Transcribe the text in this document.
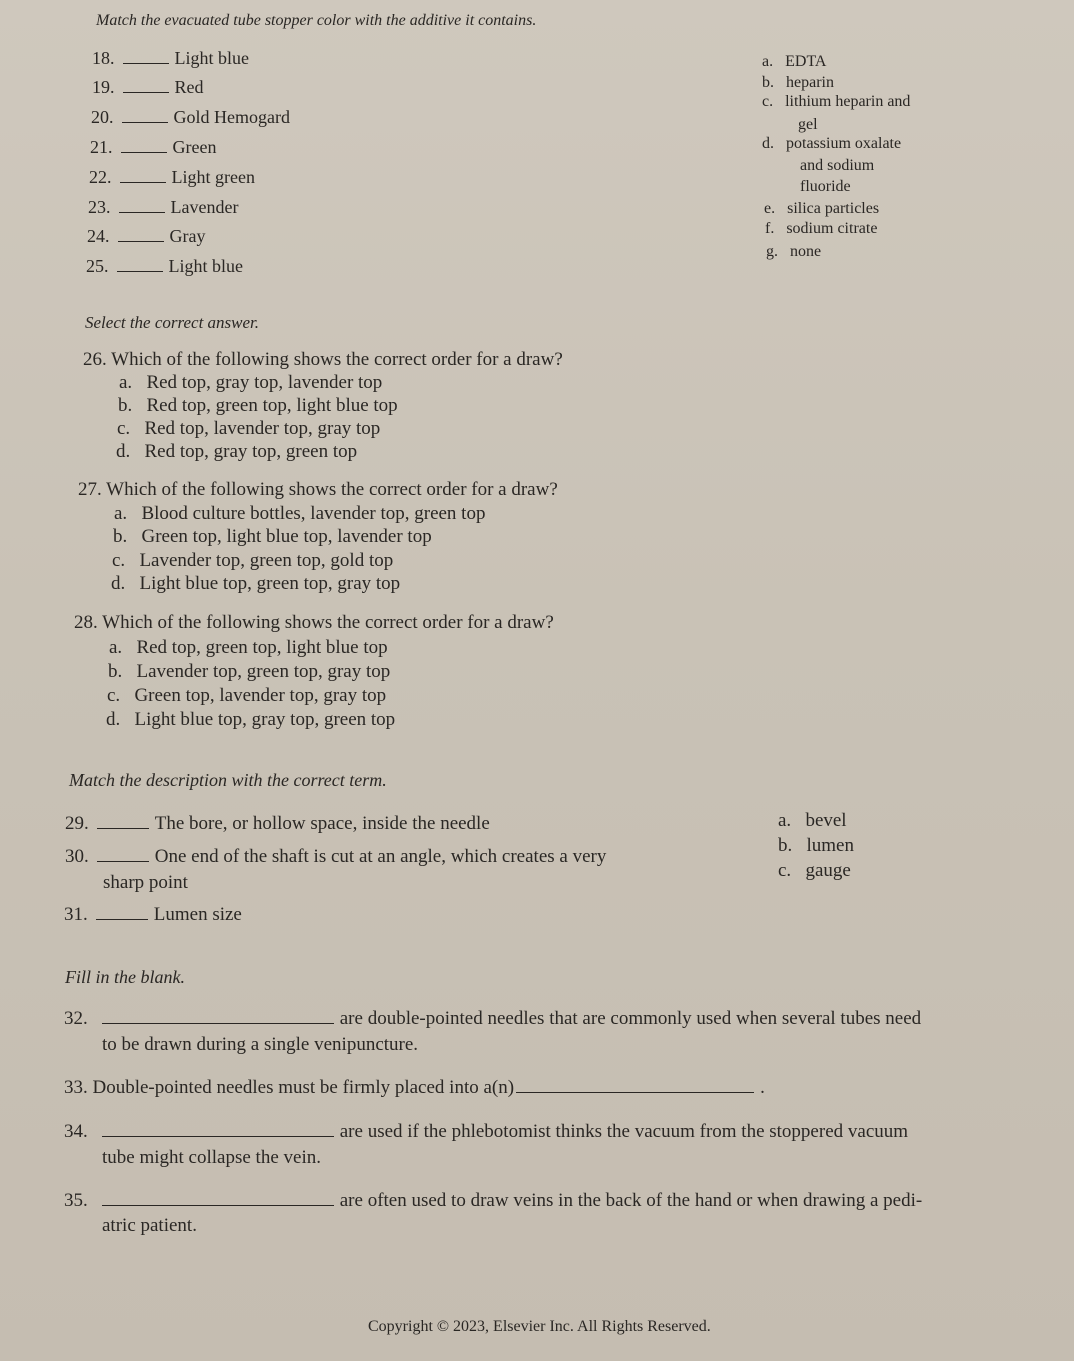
Match the evacuated tube stopper color with the additive it contains.
18.	Light blue
19.	Red
20.	Gold Hemogard
21.	Green
22.	Light green
23.	Lavender
24.	Gray
25.	Light blue
a. EDTA
b. heparin
c. lithium heparin and
gel
d. potassium oxalate
and sodium
fluoride
e. silica particles
f. sodium citrate
g. none
Select the correct answer.
26. Which of the following shows the correct order for a draw?
a. Red top, gray top, lavender top
b. Red top, green top, light blue top
c. Red top, lavender top, gray top
d. Red top, gray top, green top
27. Which of the following shows the correct order for a draw?
a. Blood culture bottles, lavender top, green top
b. Green top, light blue top, lavender top
c. Lavender top, green top, gold top
d. Light blue top, green top, gray top
28. Which of the following shows the correct order for a draw?
a. Red top, green top, light blue top
b. Lavender top, green top, gray top
c. Green top, lavender top, gray top
d. Light blue top, gray top, green top
Match the description with the correct term.
29.	The bore, or hollow space, inside the needle
30.	One end of the shaft is cut at an angle, which creates a very
sharp point
31.	Lumen size
a. bevel
b. lumen
c. gauge
Fill in the blank.
32.	are double-pointed needles that are commonly used when several tubes need
to be drawn during a single venipuncture.
33. Double-pointed needles must be firmly placed into a(n)	.
34.	are used if the phlebotomist thinks the vacuum from the stoppered vacuum
tube might collapse the vein.
35.	are often used to draw veins in the back of the hand or when drawing a pedi-
atric patient.
Copyright © 2023, Elsevier Inc. All Rights Reserved.
